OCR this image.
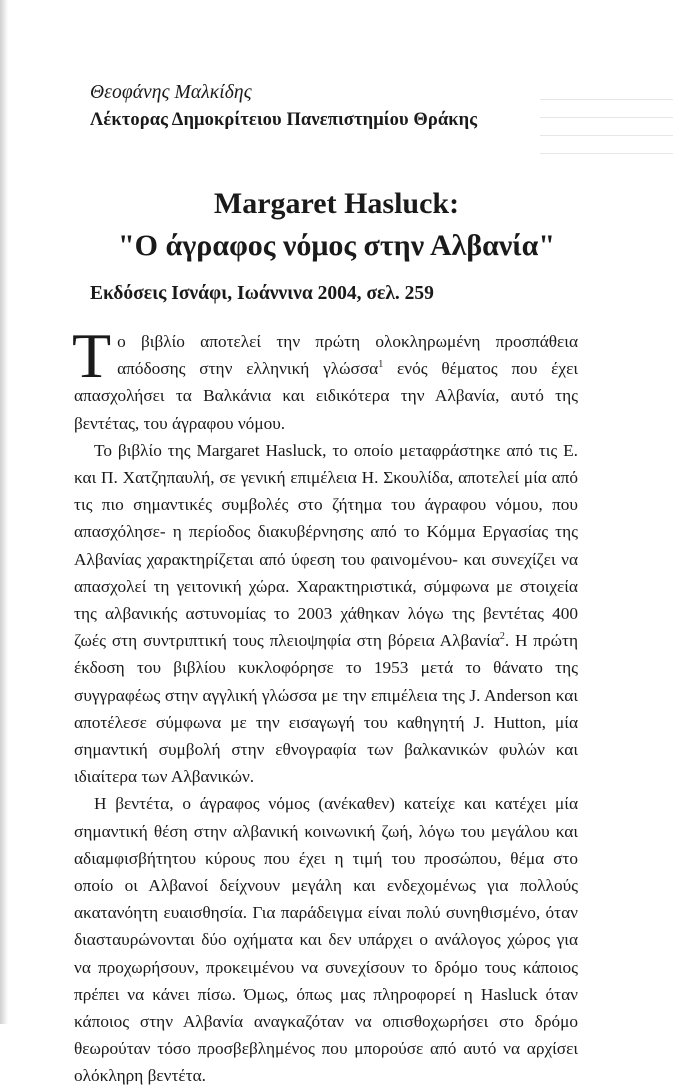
Θεοφάνης Μαλκίδης
Λέκτορας Δημοκρίτειου Πανεπιστημίου Θράκης
Margaret Hasluck:
"Ο άγραφος νόμος στην Αλβανία"
Εκδόσεις Ισνάφι, Ιωάννινα 2004, σελ. 259

Το βιβλίο αποτελεί την πρώτη ολοκληρωμένη προσπάθεια απόδοσης στην ελληνική γλώσσα$^1$ ενός θέματος που έχει απασχολήσει τα Βαλκάνια και ειδικότερα την Αλβανία, αυτό της βεντέτας, του άγραφου νόμου.

Το βιβλίο της Margaret Hasluck, το οποίο μεταφράστηκε από τις Ε. και Π. Χατζηπαυλή, σε γενική επιμέλεια Η. Σκουλίδα, αποτελεί μία από τις πιο σημαντικές συμβολές στο ζήτημα του άγραφου νόμου, που απασχόλησε- η περίοδος διακυβέρνησης από το Κόμμα Εργασίας της Αλβανίας χαρακτηρίζεται από ύφεση του φαινομένου- και συνεχίζει να απασχολεί τη γειτονική χώρα. Χαρακτηριστικά, σύμφωνα με στοιχεία της αλβανικής αστυνομίας το 2003 χάθηκαν λόγω της βεντέτας 400 ζωές στη συντριπτική τους πλειοψηφία στη βόρεια Αλβανία$^2$. Η πρώτη έκδοση του βιβλίου κυκλοφόρησε το 1953 μετά το θάνατο της συγγραφέως στην αγγλική γλώσσα με την επιμέλεια της J. Anderson και αποτέλεσε σύμφωνα με την εισαγωγή του καθηγητή J. Hutton, μία σημαντική συμβολή στην εθνογραφία των βαλκανικών φυλών και ιδιαίτερα των Αλβανικών.

Η βεντέτα, ο άγραφος νόμος (ανέκαθεν) κατείχε και κατέχει μία σημαντική θέση στην αλβανική κοινωνική ζωή, λόγω του μεγάλου και αδιαμφισβήτητου κύρους που έχει η τιμή του προσώπου, θέμα στο οποίο οι Αλβανοί δείχνουν μεγάλη και ενδεχομένως για πολλούς ακατανόητη ευαισθησία. Για παράδειγμα είναι πολύ συνηθισμένο, όταν διασταυρώνονται δύο οχήματα και δεν υπάρχει ο ανάλογος χώρος για να προχωρήσουν, προκειμένου να συνεχίσουν το δρόμο τους κάποιος πρέπει να κάνει πίσω. Όμως, όπως μας πληροφορεί η Hasluck όταν κάποιος στην Αλβανία αναγκαζόταν να οπισθοχωρήσει στο δρόμο θεωρούταν τόσο προσβεβλημένος που μπορούσε από αυτό να αρχίσει ολόκληρη βεντέτα.
